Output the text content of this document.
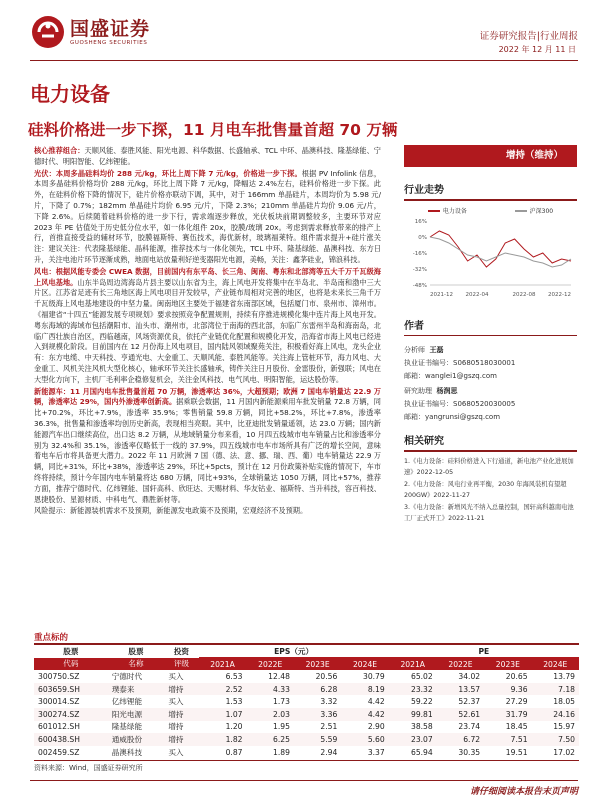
国盛证券
GUOSHENG SECURITIES
证券研究报告|行业周报
2022 年 12 月 11 日
电力设备
硅料价格进一步下探，11 月电车批售量首超 70 万辆

核心推荐组合：天顺风能、泰胜风能、阳光电源、科华数据、长盛轴承、TCL 中环、晶澳科技、隆基绿能、宁德时代、明阳智能、亿纬锂能。

光伏：本周多晶硅料均价 288 元/kg，环比上周下降 7 元/kg，价格进一步下探。根据 PV Infolink 信息，本周多晶硅料价格均价 288 元/kg，环比上周下降 7 元/kg，降幅达 2.4%左右，硅料价格进一步下探。此外，在硅料价格下降的情况下，硅片价格亦联动下调，其中，对于 166mm 单晶硅片，本周均价为 5.98 元/片，下降了 0.7%；182mm 单晶硅片均价 6.95 元/片，下降 2.3%；210mm 单晶硅片均价 9.06 元/片，下降 2.6%。后续随着硅料价格的进一步下行，需求端逐步释放，光伏板块前期调整较多，主要环节对应 2023 年 PE 估值处于历史低分位水平，如一体化组件 20x，胶膜/玻璃 20x。考虑到需求释放带来的排产上行，首推直接受益的辅材环节，胶膜福斯特、赛伍技术，海优新材，玻璃福莱特。组件需求提升+硅片涨关注：建议关注：代表隆基绿能、晶科能源，推荐技术与一体化领先，TCL 中环、隆基绿能、晶澳科技、东方日升，关注电池片环节逐渐成熟，地面电站放量利好逆变器阳光电源，美畅，关注：鑫茅硅业，锦浪科技。

风电：根据风能专委会 CWEA 数据，目前国内有东平岛、长三角、闽南、粤东和北部湾等五大千万千瓦级海上风电基地。山东半岛周边湾海岛片县主要以山东省为主，海上风电开发将集中在半岛北、半岛南和渤中三大片区。江苏省足迹有长三角地区海上风电项目开发较早，产业链布局相对完善的地区，也将是未来长三角千万千瓦级海上风电基地建设的中坚力量。闽南地区主要处于福建省东南部区域，包括厦门市、泉州市、漳州市。《福建省“十四五”能源发展专项规划》要求按照竞争配置规则，持续有序推进规模化集中连片海上风电开发。粤东海域的海域布包括潮阳市、汕头市、潮州市，北部湾位于南海的西北部，东临广东雷州半岛和海南岛，北临广西壮族自治区，西临越南，风场资源优良，依托产业链优化配置和规模化开发，沿海省市海上风电已经进入到规模化阶段。目前国内在 12 月份海上风电项目，国内陆风领域聚苑关注，积极看好海上风电，龙头企业有：东方电缆、中天科技、亨通光电、大金重工、天顺风能、泰胜风能等。关注海上管桩环节，海力风电、大金重工、风机关注风机大型化核心，轴承环节关注长盛轴承，铸件关注日月股份、金雷股份，新强联；风电在大型化方向下，主机厂毛利率企稳修复机会，关注金风科技、电气风电、明阳智能，运达股份等。

新能源车：11 月国内电车批售量首超 70 万辆，渗透率达 36%，大超预期；欧洲 7 国电车销量达 22.9 万辆，渗透率达 29%，国内外渗透率创新高。据乘联会数据，11 月国内新能源乘用车批发销量 72.8 万辆，同比+70.2%，环比+7.9%，渗透率 35.9%；零售销量 59.8 万辆，同比+58.2%，环比+7.8%，渗透率 36.3%，批售量和渗透率均创历史新高，表现相当亮眼。其中，比亚迪批发销量遥领，达 23.0 万辆；国内新能源汽车出口继续高位，出口达 8.2 万辆，从地域销量分布来看，10 月四五线城市电车销量占比和渗透率分别为 32.4%和 35.1%，渗透率仅略低于一线的 37.9%，四五线城市电车市场所具有广泛的增长空间，意味着电车后市将具备更大潜力。2022 年 11 月欧洲 7 国（德、法、意、挪、瑞、西、葡）电车销量达 22.9 万辆，同比+31%，环比+38%，渗透率达 29%，环比+5pcts，预计在 12 月份政策补贴实施的情况下，车市终将持续，预计今年国内电车销量将达 680 万辆，同比+93%，全球销量达 1050 万辆，同比+57%，推荐方面，推荐宁德时代、亿纬锂能、国轩高科、欣旺达、天赐材料、华友钴业、福斯特、当升科技，容百科技、恩捷股份、星源材质、中科电气、鼎胜新材等。

风险提示：新能源装机需求不及预期，新能源发电政策不及预期，宏观经济不及预期。

增持（维持）
行业走势
电力设备	沪深300
16%
0%
-16%
-32%
-48%
2021-12 2022-04	2022-08 2022-12
作者
分析师 王磊
执业证书编号：S0680518030001
邮箱：wanglei1@gszq.com
研究助理 杨润思
执业证书编号：S0680520030005
邮箱：yangrunsi@gszq.com
相关研究
1.《电力设备：硅料价格进入下行通道，新电池产业化进展加速》2022-12-05
2.《电力设备：风电行业再平衡，2030 年海风装机有望超 200GW》2022-11-27
3.《电力设备：新增风光不纳入总量控制，国轩高科越南电池工厂正式开工》2022-11-21
重点标的
股票	股票	投资	EPS（元）				PE			
代码	名称	评级	2021A	2022E	2023E	2024E	2021A	2022E	2023E	2024E
300750.SZ	宁德时代	买入	6.53	12.48	20.56	30.79	65.02	34.02	20.65	13.79
603659.SH	璞泰来	增持	2.52	4.33	6.28	8.19	23.32	13.57	9.36	7.18
300014.SZ	亿纬锂能	买入	1.53	1.73	3.32	4.42	59.22	52.37	27.29	18.05
300274.SZ	阳光电源	增持	1.07	2.03	3.36	4.42	99.81	52.61	31.79	24.16
601012.SH	隆基绿能	增持	1.20	1.95	2.51	2.90	38.58	23.74	18.45	15.97
600438.SH	通威股份	增持	1.82	6.25	5.59	5.60	23.07	6.72	7.51	7.50
002459.SZ	晶澳科技	买入	0.87	1.89	2.94	3.37	65.94	30.35	19.51	17.02
资料来源：Wind，国盛证券研究所
请仔细阅读本报告末页声明
